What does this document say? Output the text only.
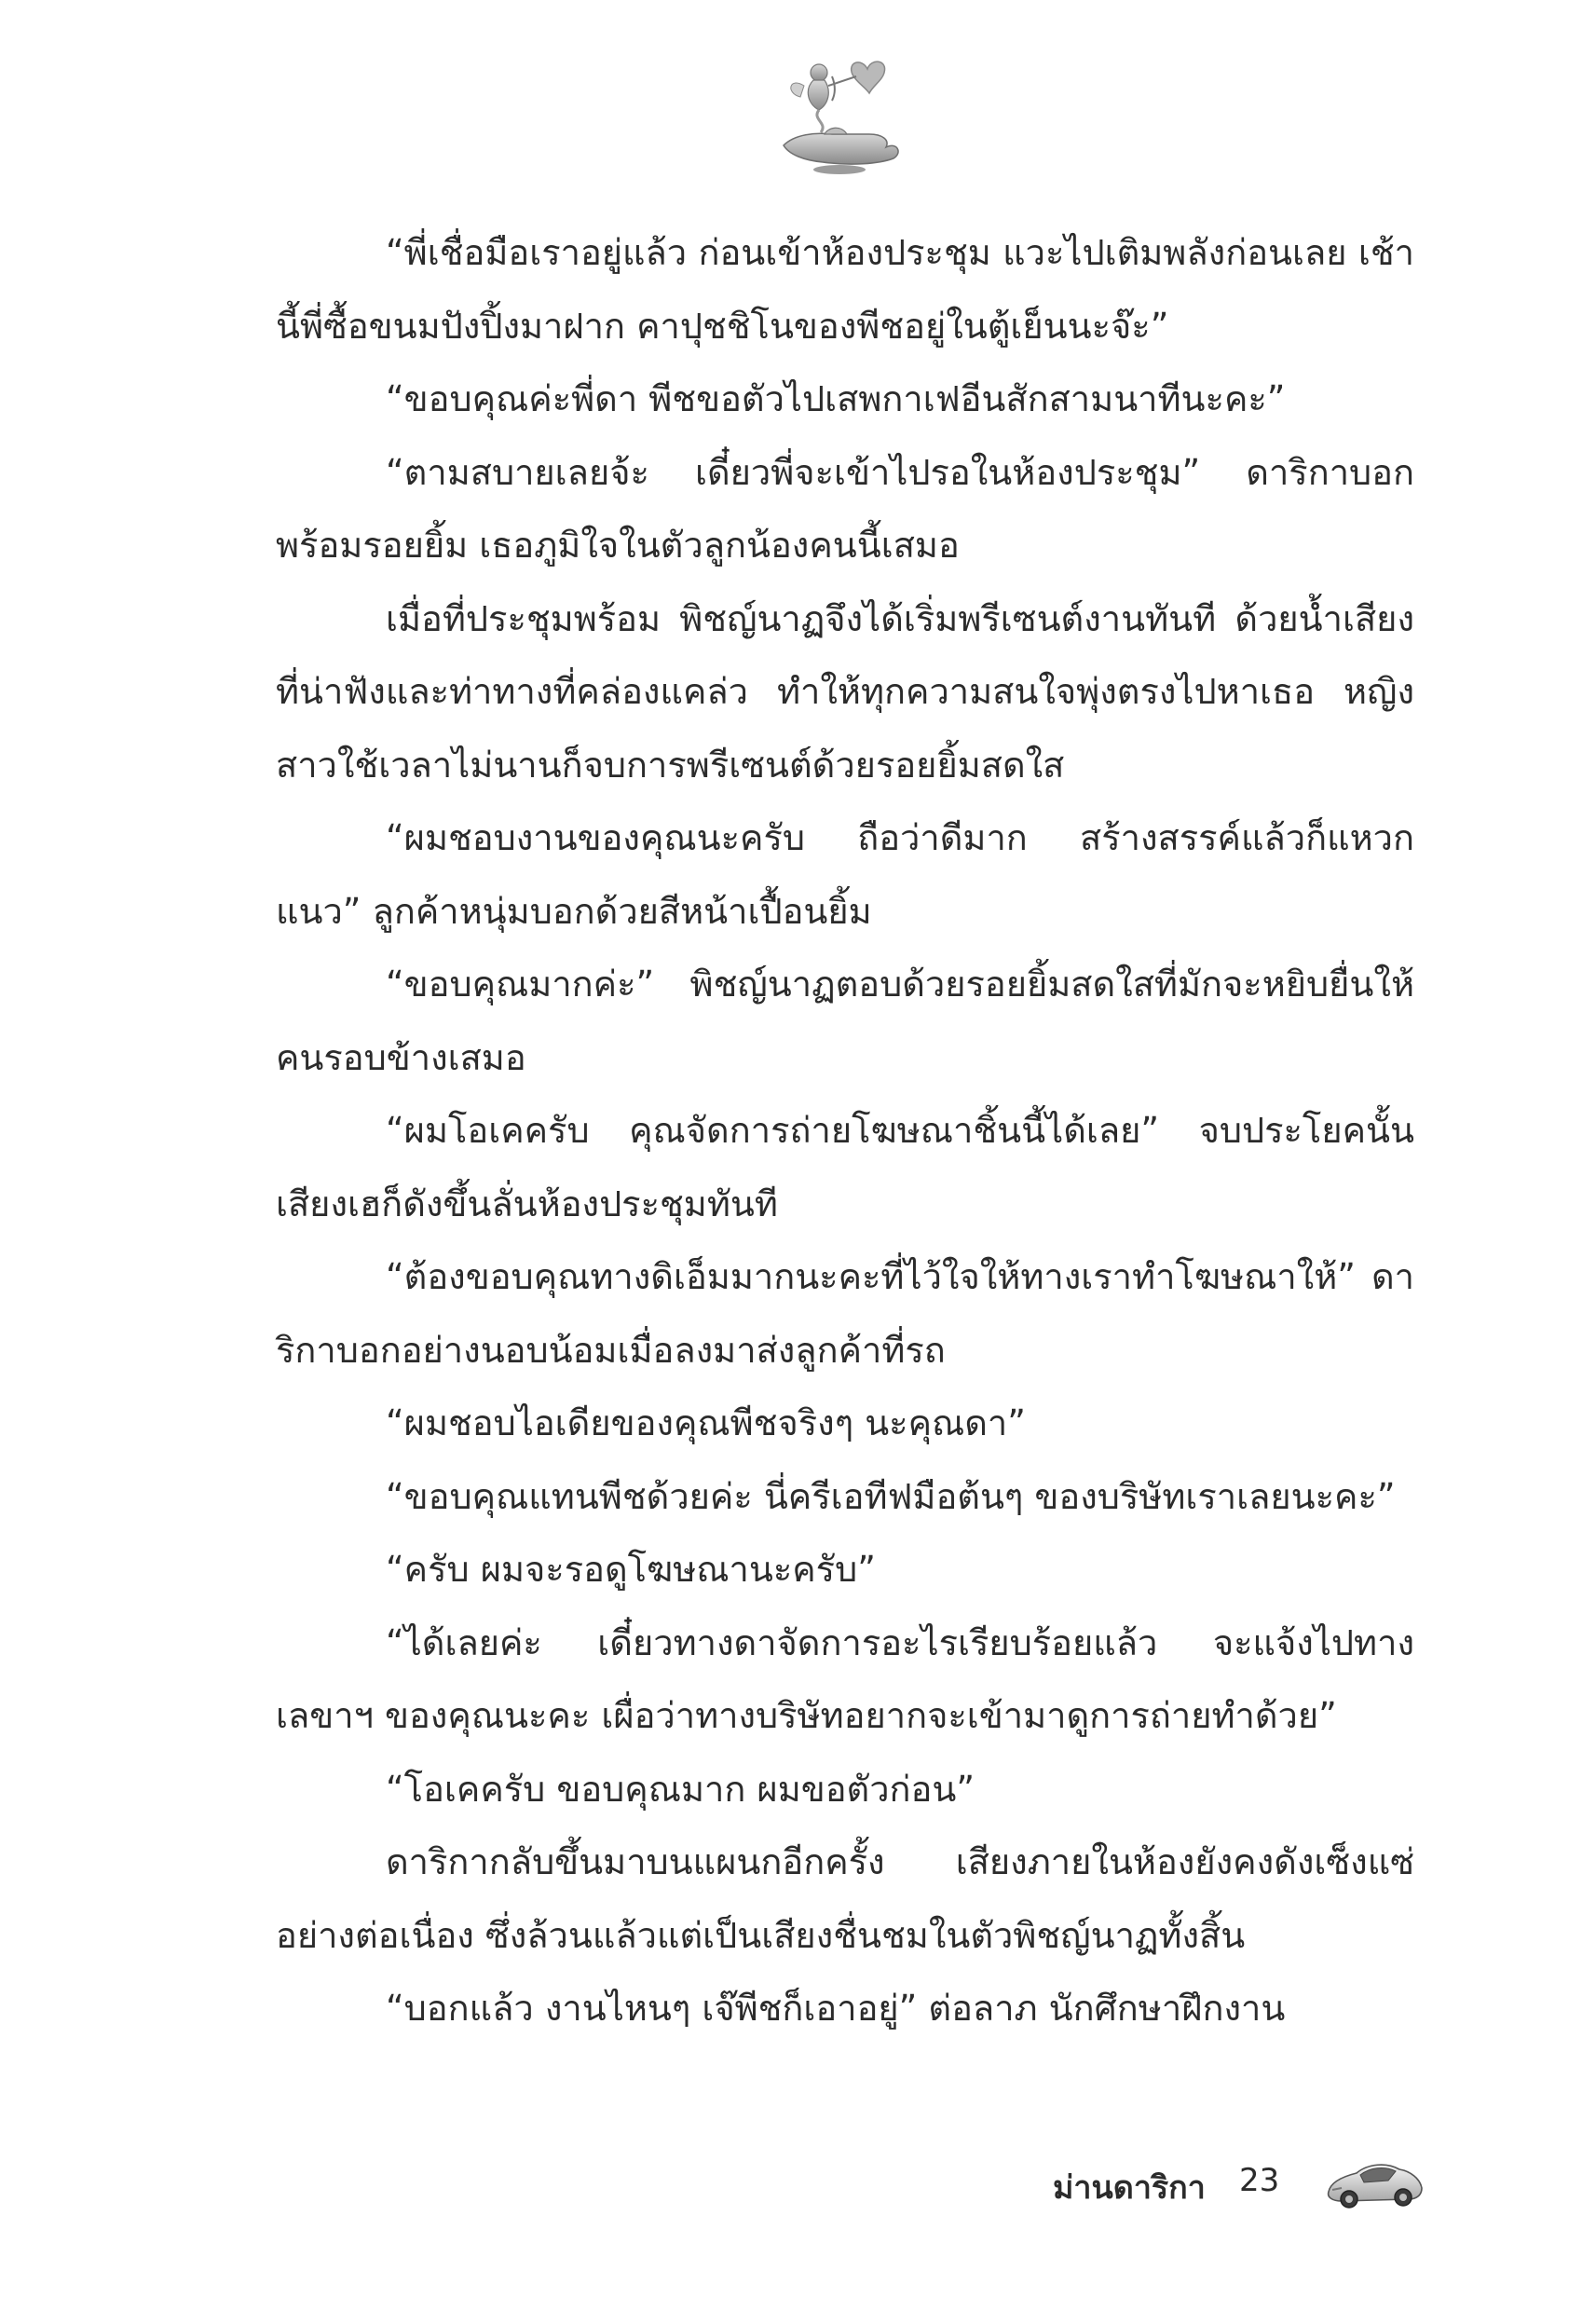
“พี่เชื่อมือเราอยู่แล้ว ก่อนเข้าห้องประชุม แวะไปเติมพลังก่อนเลย เช้านี้พี่ซื้อขนมปังปิ้งมาฝาก คาปุชชิโนของพีชอยู่ในตู้เย็นนะจ๊ะ”

“ขอบคุณค่ะพี่ดา พีชขอตัวไปเสพกาเฟอีนสักสามนาทีนะคะ”

“ตามสบายเลยจ้ะ เดี๋ยวพี่จะเข้าไปรอในห้องประชุม” ดาริกาบอกพร้อมรอยยิ้ม เธอภูมิใจในตัวลูกน้องคนนี้เสมอ

เมื่อที่ประชุมพร้อม พิชญ์นาฏจึงได้เริ่มพรีเซนต์งานทันที ด้วยน้ำเสียงที่น่าฟังและท่าทางที่คล่องแคล่ว ทำให้ทุกความสนใจพุ่งตรงไปหาเธอ หญิงสาวใช้เวลาไม่นานก็จบการพรีเซนต์ด้วยรอยยิ้มสดใส

“ผมชอบงานของคุณนะครับ ถือว่าดีมาก สร้างสรรค์แล้วก็แหวกแนว” ลูกค้าหนุ่มบอกด้วยสีหน้าเปื้อนยิ้ม

“ขอบคุณมากค่ะ” พิชญ์นาฏตอบด้วยรอยยิ้มสดใสที่มักจะหยิบยื่นให้คนรอบข้างเสมอ

“ผมโอเคครับ คุณจัดการถ่ายโฆษณาชิ้นนี้ได้เลย” จบประโยคนั้นเสียงเฮก็ดังขึ้นลั่นห้องประชุมทันที

“ต้องขอบคุณทางดิเอ็มมากนะคะที่ไว้ใจให้ทางเราทำโฆษณาให้” ดาริกาบอกอย่างนอบน้อมเมื่อลงมาส่งลูกค้าที่รถ

“ผมชอบไอเดียของคุณพีชจริงๆ นะคุณดา”

“ขอบคุณแทนพีชด้วยค่ะ นี่ครีเอทีฟมือต้นๆ ของบริษัทเราเลยนะคะ”

“ครับ ผมจะรอดูโฆษณานะครับ”

“ได้เลยค่ะ เดี๋ยวทางดาจัดการอะไรเรียบร้อยแล้ว จะแจ้งไปทางเลขาฯ ของคุณนะคะ เผื่อว่าทางบริษัทอยากจะเข้ามาดูการถ่ายทำด้วย”

“โอเคครับ ขอบคุณมาก ผมขอตัวก่อน”

ดาริกากลับขึ้นมาบนแผนกอีกครั้ง เสียงภายในห้องยังคงดังเซ็งแซ่อย่างต่อเนื่อง ซึ่งล้วนแล้วแต่เป็นเสียงชื่นชมในตัวพิชญ์นาฏทั้งสิ้น

“บอกแล้ว งานไหนๆ เจ๊พีชก็เอาอยู่” ต่อลาภ นักศึกษาฝึกงาน

ม่านดาริกา 23
